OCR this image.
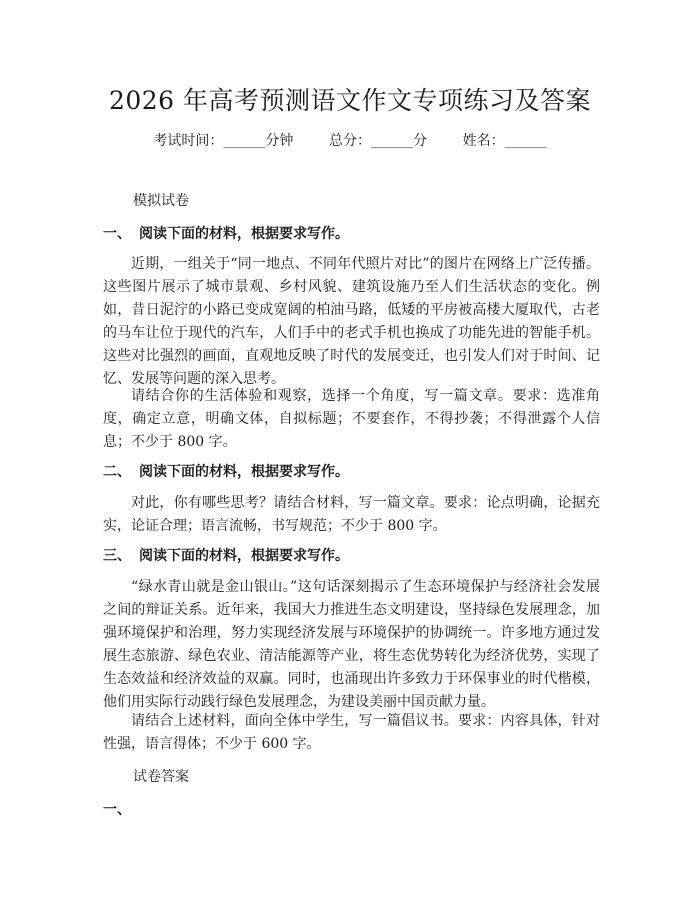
2026 年高考预测语文作文专项练习及答案
考试时间：______分钟	总分：______分	姓名：______
模拟试卷
一、 阅读下面的材料，根据要求写作。

近期，一组关于“同一地点、不同年代照片对比”的图片在网络上广泛传播。这些图片展示了城市景观、乡村风貌、建筑设施乃至人们生活状态的变化。例如，昔日泥泞的小路已变成宽阔的柏油马路，低矮的平房被高楼大厦取代，古老的马车让位于现代的汽车，人们手中的老式手机也换成了功能先进的智能手机。这些对比强烈的画面，直观地反映了时代的发展变迁，也引发人们对于时间、记忆、发展等问题的深入思考。

请结合你的生活体验和观察，选择一个角度，写一篇文章。要求：选准角度，确定立意，明确文体，自拟标题；不要套作，不得抄袭；不得泄露个人信息；不少于 800 字。

二、 阅读下面的材料，根据要求写作。

对此，你有哪些思考？请结合材料，写一篇文章。要求：论点明确，论据充实，论证合理；语言流畅，书写规范；不少于 800 字。

三、 阅读下面的材料，根据要求写作。

“绿水青山就是金山银山。”这句话深刻揭示了生态环境保护与经济社会发展之间的辩证关系。近年来，我国大力推进生态文明建设，坚持绿色发展理念，加强环境保护和治理，努力实现经济发展与环境保护的协调统一。许多地方通过发展生态旅游、绿色农业、清洁能源等产业，将生态优势转化为经济优势，实现了生态效益和经济效益的双赢。同时，也涌现出许多致力于环保事业的时代楷模，他们用实际行动践行绿色发展理念，为建设美丽中国贡献力量。

请结合上述材料，面向全体中学生，写一篇倡议书。要求：内容具体，针对性强，语言得体；不少于 600 字。

试卷答案
一、
